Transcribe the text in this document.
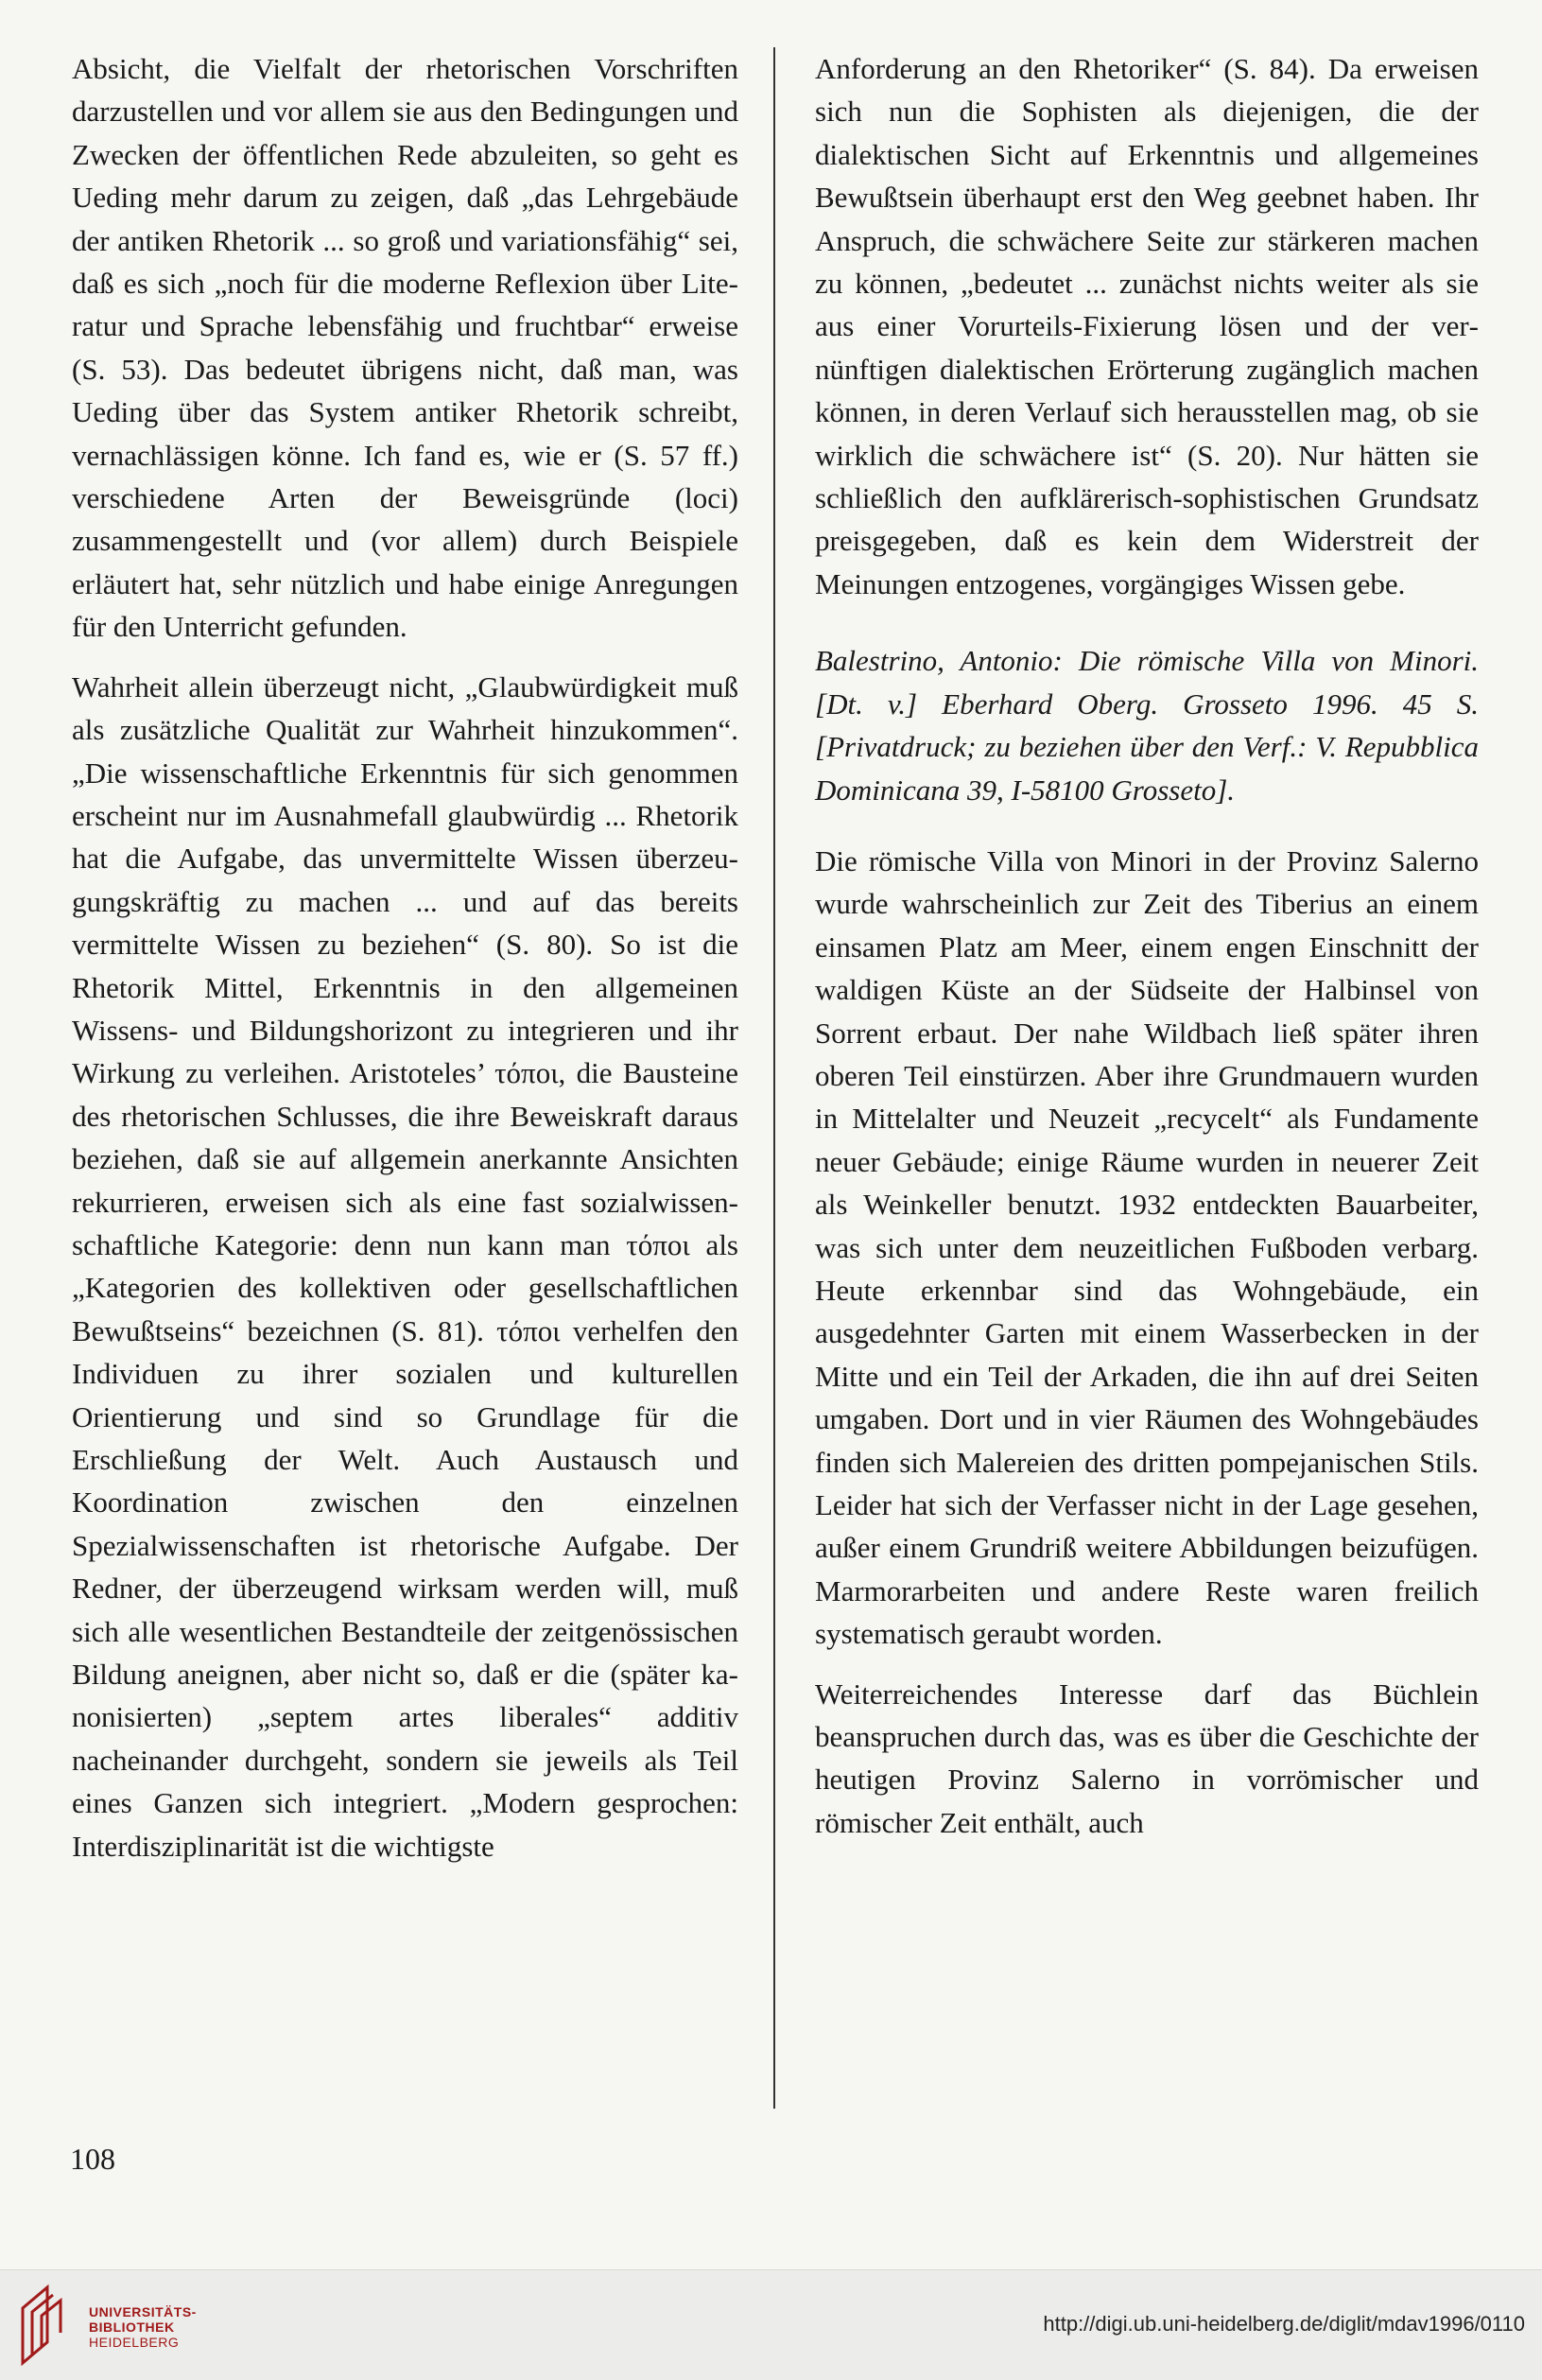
Absicht, die Vielfalt der rhetorischen Vorschriften darzustellen und vor allem sie aus den Bedingungen und Zwecken der öffentlichen Rede abzuleiten, so geht es Ueding mehr darum zu zeigen, daß „das Lehrgebäude der antiken Rhetorik ... so groß und variationsfähig“ sei, daß es sich „noch für die moderne Reflexion über Literatur und Sprache lebensfähig und fruchtbar“ erweise (S. 53). Das bedeutet übrigens nicht, daß man, was Ueding über das System antiker Rhetorik schreibt, vernachlässigen könne. Ich fand es, wie er (S. 57 ff.) verschiedene Arten der Beweisgründe (loci) zusammengestellt und (vor allem) durch Beispiele erläutert hat, sehr nützlich und habe einige Anregungen für den Unterricht gefunden.

Wahrheit allein überzeugt nicht, „Glaubwürdigkeit muß als zusätzliche Qualität zur Wahrheit hinzukommen“. „Die wissenschaftliche Erkenntnis für sich genommen erscheint nur im Ausnahmefall glaubwürdig ... Rhetorik hat die Aufgabe, das unvermittelte Wissen überzeugungskräftig zu machen ... und auf das bereits vermittelte Wissen zu beziehen“ (S. 80). So ist die Rhetorik Mittel, Erkenntnis in den allgemeinen Wissens- und Bildungshorizont zu integrieren und ihr Wirkung zu verleihen. Aristoteles’ τόποι, die Bausteine des rhetorischen Schlusses, die ihre Beweiskraft daraus beziehen, daß sie auf allgemein anerkannte Ansichten rekurrieren, erweisen sich als eine fast sozialwissenschaftliche Kategorie: denn nun kann man τόποι als „Kategorien des kollektiven oder gesellschaftlichen Bewußtseins“ bezeichnen (S. 81). τόποι verhelfen den Individuen zu ihrer sozialen und kulturellen Orientierung und sind so Grundlage für die Erschließung der Welt. Auch Austausch und Koordination zwischen den einzelnen Spezialwissenschaften ist rhetorische Aufgabe. Der Redner, der überzeugend wirksam werden will, muß sich alle wesentlichen Bestandteile der zeitgenössischen Bildung aneignen, aber nicht so, daß er die (später kanonisierten) „septem artes liberales“ additiv nacheinander durchgeht, sondern sie jeweils als Teil eines Ganzen sich integriert. „Modern gesprochen: Interdisziplinarität ist die wichtigste

Anforderung an den Rhetoriker“ (S. 84). Da erweisen sich nun die Sophisten als diejenigen, die der dialektischen Sicht auf Erkenntnis und allgemeines Bewußtsein überhaupt erst den Weg geebnet haben. Ihr Anspruch, die schwächere Seite zur stärkeren machen zu können, „bedeutet ... zunächst nichts weiter als sie aus einer Vorurteils-Fixierung lösen und der vernünftigen dialektischen Erörterung zugänglich machen können, in deren Verlauf sich herausstellen mag, ob sie wirklich die schwächere ist“ (S. 20). Nur hätten sie schließlich den aufklärerisch-sophistischen Grundsatz preisgegeben, daß es kein dem Widerstreit der Meinungen entzogenes, vorgängiges Wissen gebe.

Balestrino, Antonio: Die römische Villa von Minori. [Dt. v.] Eberhard Oberg. Grosseto 1996. 45 S. [Privatdruck; zu beziehen über den Verf.: V. Repubblica Dominicana 39, I-58100 Grosseto].

Die römische Villa von Minori in der Provinz Salerno wurde wahrscheinlich zur Zeit des Tiberius an einem einsamen Platz am Meer, einem engen Einschnitt der waldigen Küste an der Südseite der Halbinsel von Sorrent erbaut. Der nahe Wildbach ließ später ihren oberen Teil einstürzen. Aber ihre Grundmauern wurden in Mittelalter und Neuzeit „recycelt“ als Fundamente neuer Gebäude; einige Räume wurden in neuerer Zeit als Weinkeller benutzt. 1932 entdeckten Bauarbeiter, was sich unter dem neuzeitlichen Fußboden verbarg. Heute erkennbar sind das Wohngebäude, ein ausgedehnter Garten mit einem Wasserbecken in der Mitte und ein Teil der Arkaden, die ihn auf drei Seiten umgaben. Dort und in vier Räumen des Wohngebäudes finden sich Malereien des dritten pompejanischen Stils. Leider hat sich der Verfasser nicht in der Lage gesehen, außer einem Grundriß weitere Abbildungen beizufügen. Marmorarbeiten und andere Reste waren freilich systematisch geraubt worden.

Weiterreichendes Interesse darf das Büchlein beanspruchen durch das, was es über die Geschichte der heutigen Provinz Salerno in vorrömischer und römischer Zeit enthält, auch

108
UNIVERSITÄTS-
BIBLIOTHEK
HEIDELBERG
http://digi.ub.uni-heidelberg.de/diglit/mdav1996/0110
